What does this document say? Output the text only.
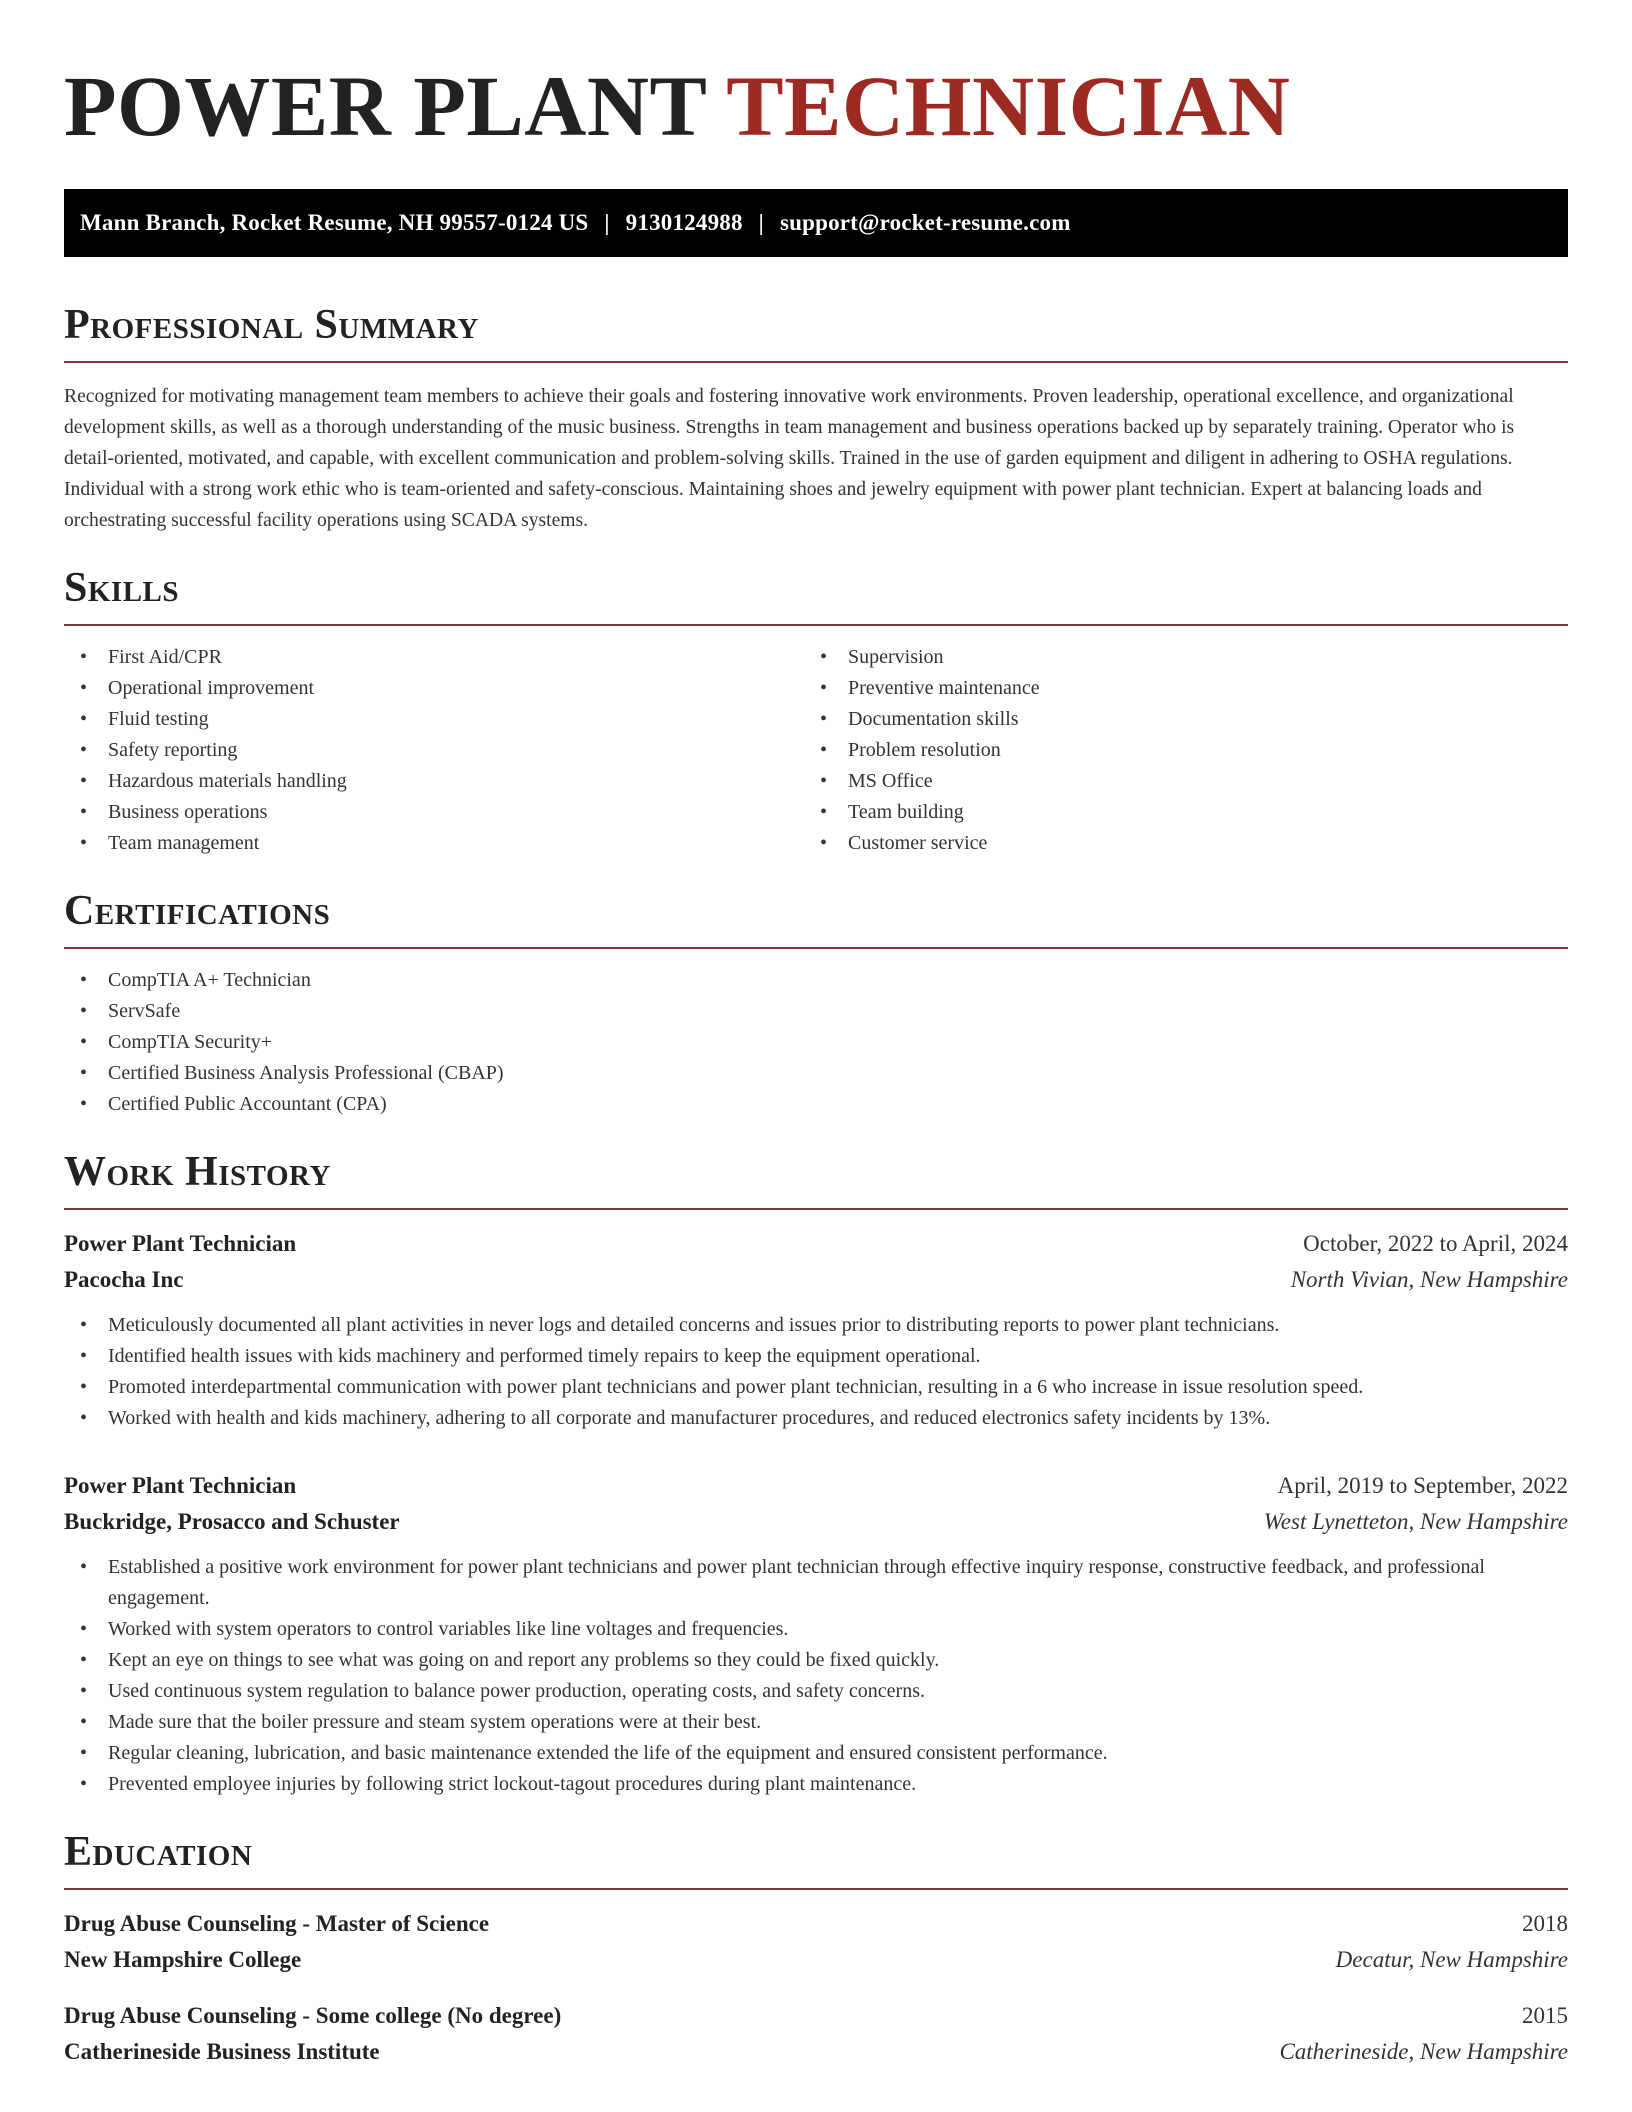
POWER PLANT TECHNICIAN
Mann Branch, Rocket Resume, NH 99557-0124 US | 9130124988 | support@rocket-resume.com
Professional Summary

Recognized for motivating management team members to achieve their goals and fostering innovative work environments. Proven leadership, operational excellence, and organizational development skills, as well as a thorough understanding of the music business. Strengths in team management and business operations backed up by separately training. Operator who is detail-oriented, motivated, and capable, with excellent communication and problem-solving skills. Trained in the use of garden equipment and diligent in adhering to OSHA regulations. Individual with a strong work ethic who is team-oriented and safety-conscious. Maintaining shoes and jewelry equipment with power plant technician. Expert at balancing loads and orchestrating successful facility operations using SCADA systems.

Skills
• First Aid/CPR
• Operational improvement
• Fluid testing
• Safety reporting
• Hazardous materials handling
• Business operations
• Team management
• Supervision
• Preventive maintenance
• Documentation skills
• Problem resolution
• MS Office
• Team building
• Customer service
Certifications
• CompTIA A+ Technician
• ServSafe
• CompTIA Security+
• Certified Business Analysis Professional (CBAP)
• Certified Public Accountant (CPA)
Work History
Power Plant Technician	October, 2022 to April, 2024
Pacocha Inc	North Vivian, New Hampshire
• Meticulously documented all plant activities in never logs and detailed concerns and issues prior to distributing reports to power plant technicians.
• Identified health issues with kids machinery and performed timely repairs to keep the equipment operational.
• Promoted interdepartmental communication with power plant technicians and power plant technician, resulting in a 6 who increase in issue resolution speed.
• Worked with health and kids machinery, adhering to all corporate and manufacturer procedures, and reduced electronics safety incidents by 13%.
Power Plant Technician	April, 2019 to September, 2022
Buckridge, Prosacco and Schuster	West Lynetteton, New Hampshire
• Established a positive work environment for power plant technicians and power plant technician through effective inquiry response, constructive feedback, and professional engagement.
• Worked with system operators to control variables like line voltages and frequencies.
• Kept an eye on things to see what was going on and report any problems so they could be fixed quickly.
• Used continuous system regulation to balance power production, operating costs, and safety concerns.
• Made sure that the boiler pressure and steam system operations were at their best.
• Regular cleaning, lubrication, and basic maintenance extended the life of the equipment and ensured consistent performance.
• Prevented employee injuries by following strict lockout-tagout procedures during plant maintenance.
Education
Drug Abuse Counseling - Master of Science	2018
New Hampshire College	Decatur, New Hampshire
Drug Abuse Counseling - Some college (No degree)	2015
Catherineside Business Institute	Catherineside, New Hampshire
